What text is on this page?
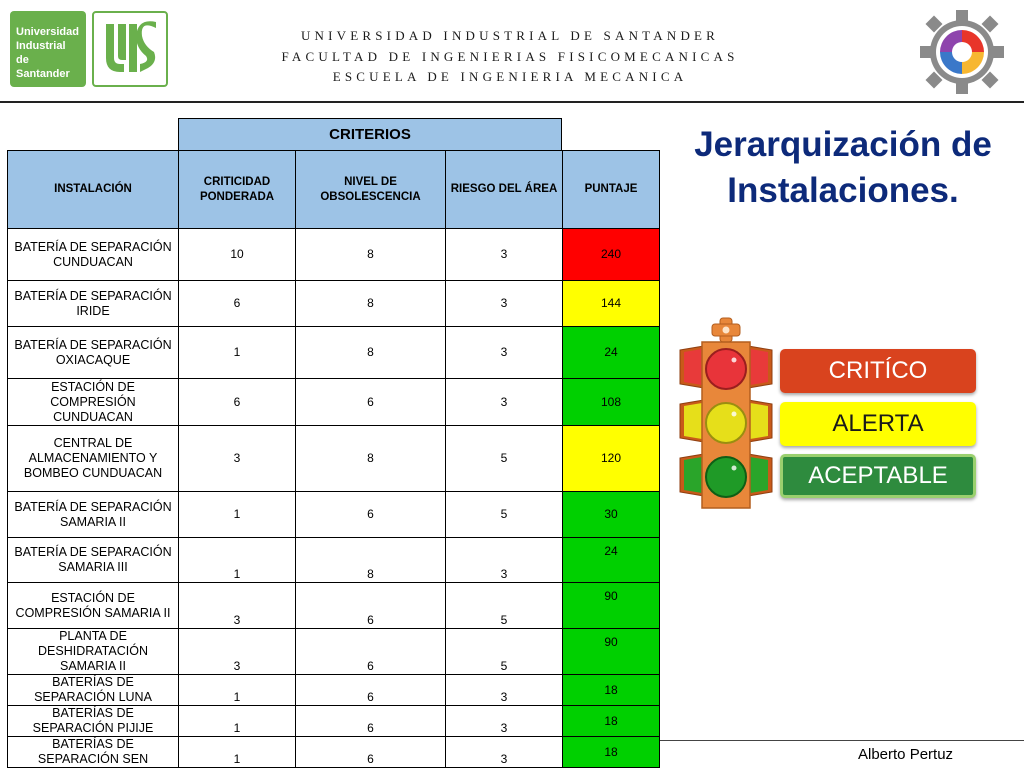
Universidad
Industrial de
Santander
UNIVERSIDAD INDUSTRIAL DE SANTANDER
FACULTAD DE INGENIERIAS FISICOMECANICAS
ESCUELA DE INGENIERIA MECANICA
Jerarquización de
Instalaciones.
CRITERIOS
INSTALACIÓN	CRITICIDAD PONDERADA	NIVEL DE OBSOLESCENCIA	RIESGO DEL ÁREA	PUNTAJE
BATERÍA DE SEPARACIÓN CUNDUACAN	10	8	3	240
BATERÍA DE SEPARACIÓN IRIDE	6	8	3	144
BATERÍA DE SEPARACIÓN OXIACAQUE	1	8	3	24
ESTACIÓN DE COMPRESIÓN CUNDUACAN	6	6	3	108
CENTRAL DE ALMACENAMIENTO Y BOMBEO CUNDUACAN	3	8	5	120
BATERÍA DE SEPARACIÓN SAMARIA II	1	6	5	30
BATERÍA DE SEPARACIÓN SAMARIA III	1	8	3	24
ESTACIÓN DE COMPRESIÓN SAMARIA II	3	6	5	90
PLANTA DE DESHIDRATACIÓN SAMARIA II	3	6	5	90
BATERÍAS DE SEPARACIÓN LUNA	1	6	3	18
BATERÍAS DE SEPARACIÓN PIJIJE	1	6	3	18
BATERÍAS DE SEPARACIÓN SEN	1	6	3	18
CRITÍCO
ALERTA
ACEPTABLE
Alberto Pertuz
